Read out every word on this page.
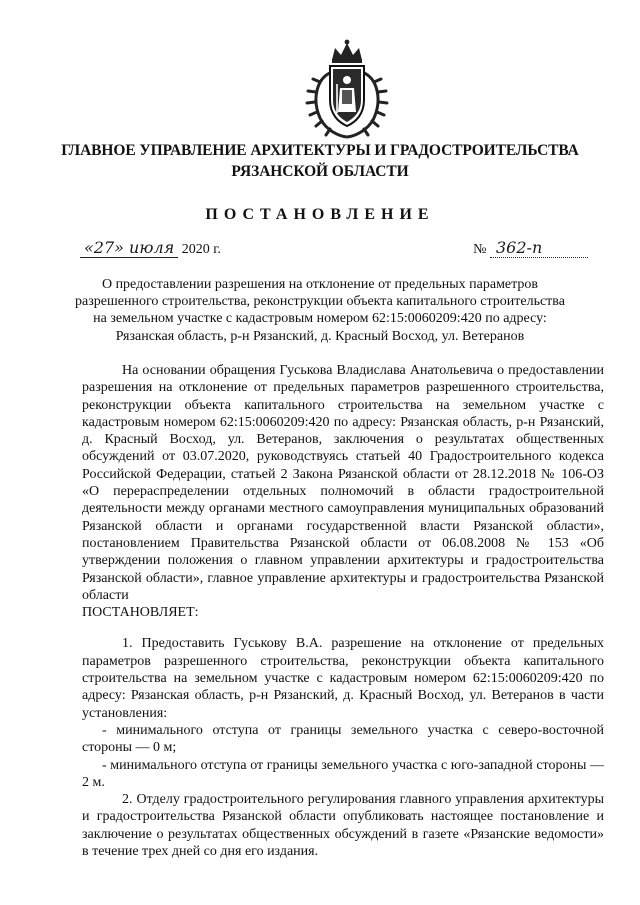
ГЛАВНОЕ УПРАВЛЕНИЕ АРХИТЕКТУРЫ И ГРАДОСТРОИТЕЛЬСТВА
РЯЗАНСКОЙ ОБЛАСТИ
ПОСТАНОВЛЕНИЕ
«27» июля 2020 г.	№ 362-п
О предоставлении разрешения на отклонение от предельных параметров
разрешенного строительства, реконструкции объекта капитального строительства
на земельном участке с кадастровым номером 62:15:0060209:420 по адресу:
Рязанская область, р-н Рязанский, д. Красный Восход, ул. Ветеранов

На основании обращения Гуськова Владислава Анатольевича о предоставлении разрешения на отклонение от предельных параметров разрешенного строительства, реконструкции объекта капитального строительства на земельном участке с кадастровым номером 62:15:0060209:420 по адресу: Рязанская область, р-н Рязанский, д. Красный Восход, ул. Ветеранов, заключения о результатах общественных обсуждений от 03.07.2020, руководствуясь статьей 40 Градостроительного кодекса Российской Федерации, статьей 2 Закона Рязанской области от 28.12.2018 № 106-ОЗ «О перераспределении отдельных полномочий в области градостроительной деятельности между органами местного самоуправления муниципальных образований Рязанской области и органами государственной власти Рязанской области», постановлением Правительства Рязанской области от 06.08.2008 № 153 «Об утверждении положения о главном управлении архитектуры и градостроительства Рязанской области», главное управление архитектуры и градостроительства Рязанской области

ПОСТАНОВЛЯЕТ:

1. Предоставить Гуськову В.А. разрешение на отклонение от предельных параметров разрешенного строительства, реконструкции объекта капитального строительства на земельном участке с кадастровым номером 62:15:0060209:420 по адресу: Рязанская область, р-н Рязанский, д. Красный Восход, ул. Ветеранов в части установления:

- минимального отступа от границы земельного участка с северо-восточной стороны — 0 м;

- минимального отступа от границы земельного участка с юго-западной стороны — 2 м.

2. Отделу градостроительного регулирования главного управления архитектуры и градостроительства Рязанской области опубликовать настоящее постановление и заключение о результатах общественных обсуждений в газете «Рязанские ведомости» в течение трех дней со дня его издания.
